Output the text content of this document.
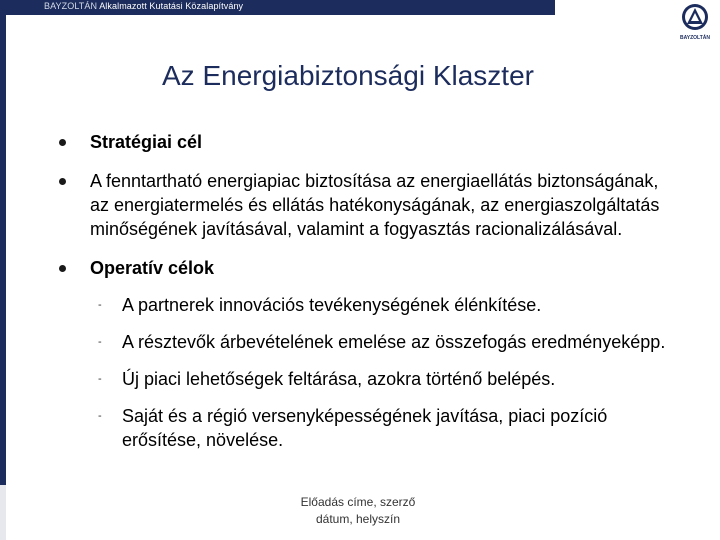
BAYZOLTÁN Alkalmazott Kutatási Közalapítvány
BAYZOLTÁN
Az Energiabiztonsági Klaszter
Stratégiai cél
A fenntartható energiapiac biztosítása az energiaellátás biztonságának, az energiatermelés és ellátás hatékonyságának, az energiaszolgáltatás minőségének javításával, valamint a fogyasztás racionalizálásával.
Operatív célok
- A partnerek innovációs tevékenységének élénkítése.
- A résztevők árbevételének emelése az összefogás eredményeképp.
- Új piaci lehetőségek feltárása, azokra történő belépés.
- Saját és a régió versenyképességének javítása, piaci pozíció erősítése, növelése.
Előadás címe, szerző
dátum, helyszín
